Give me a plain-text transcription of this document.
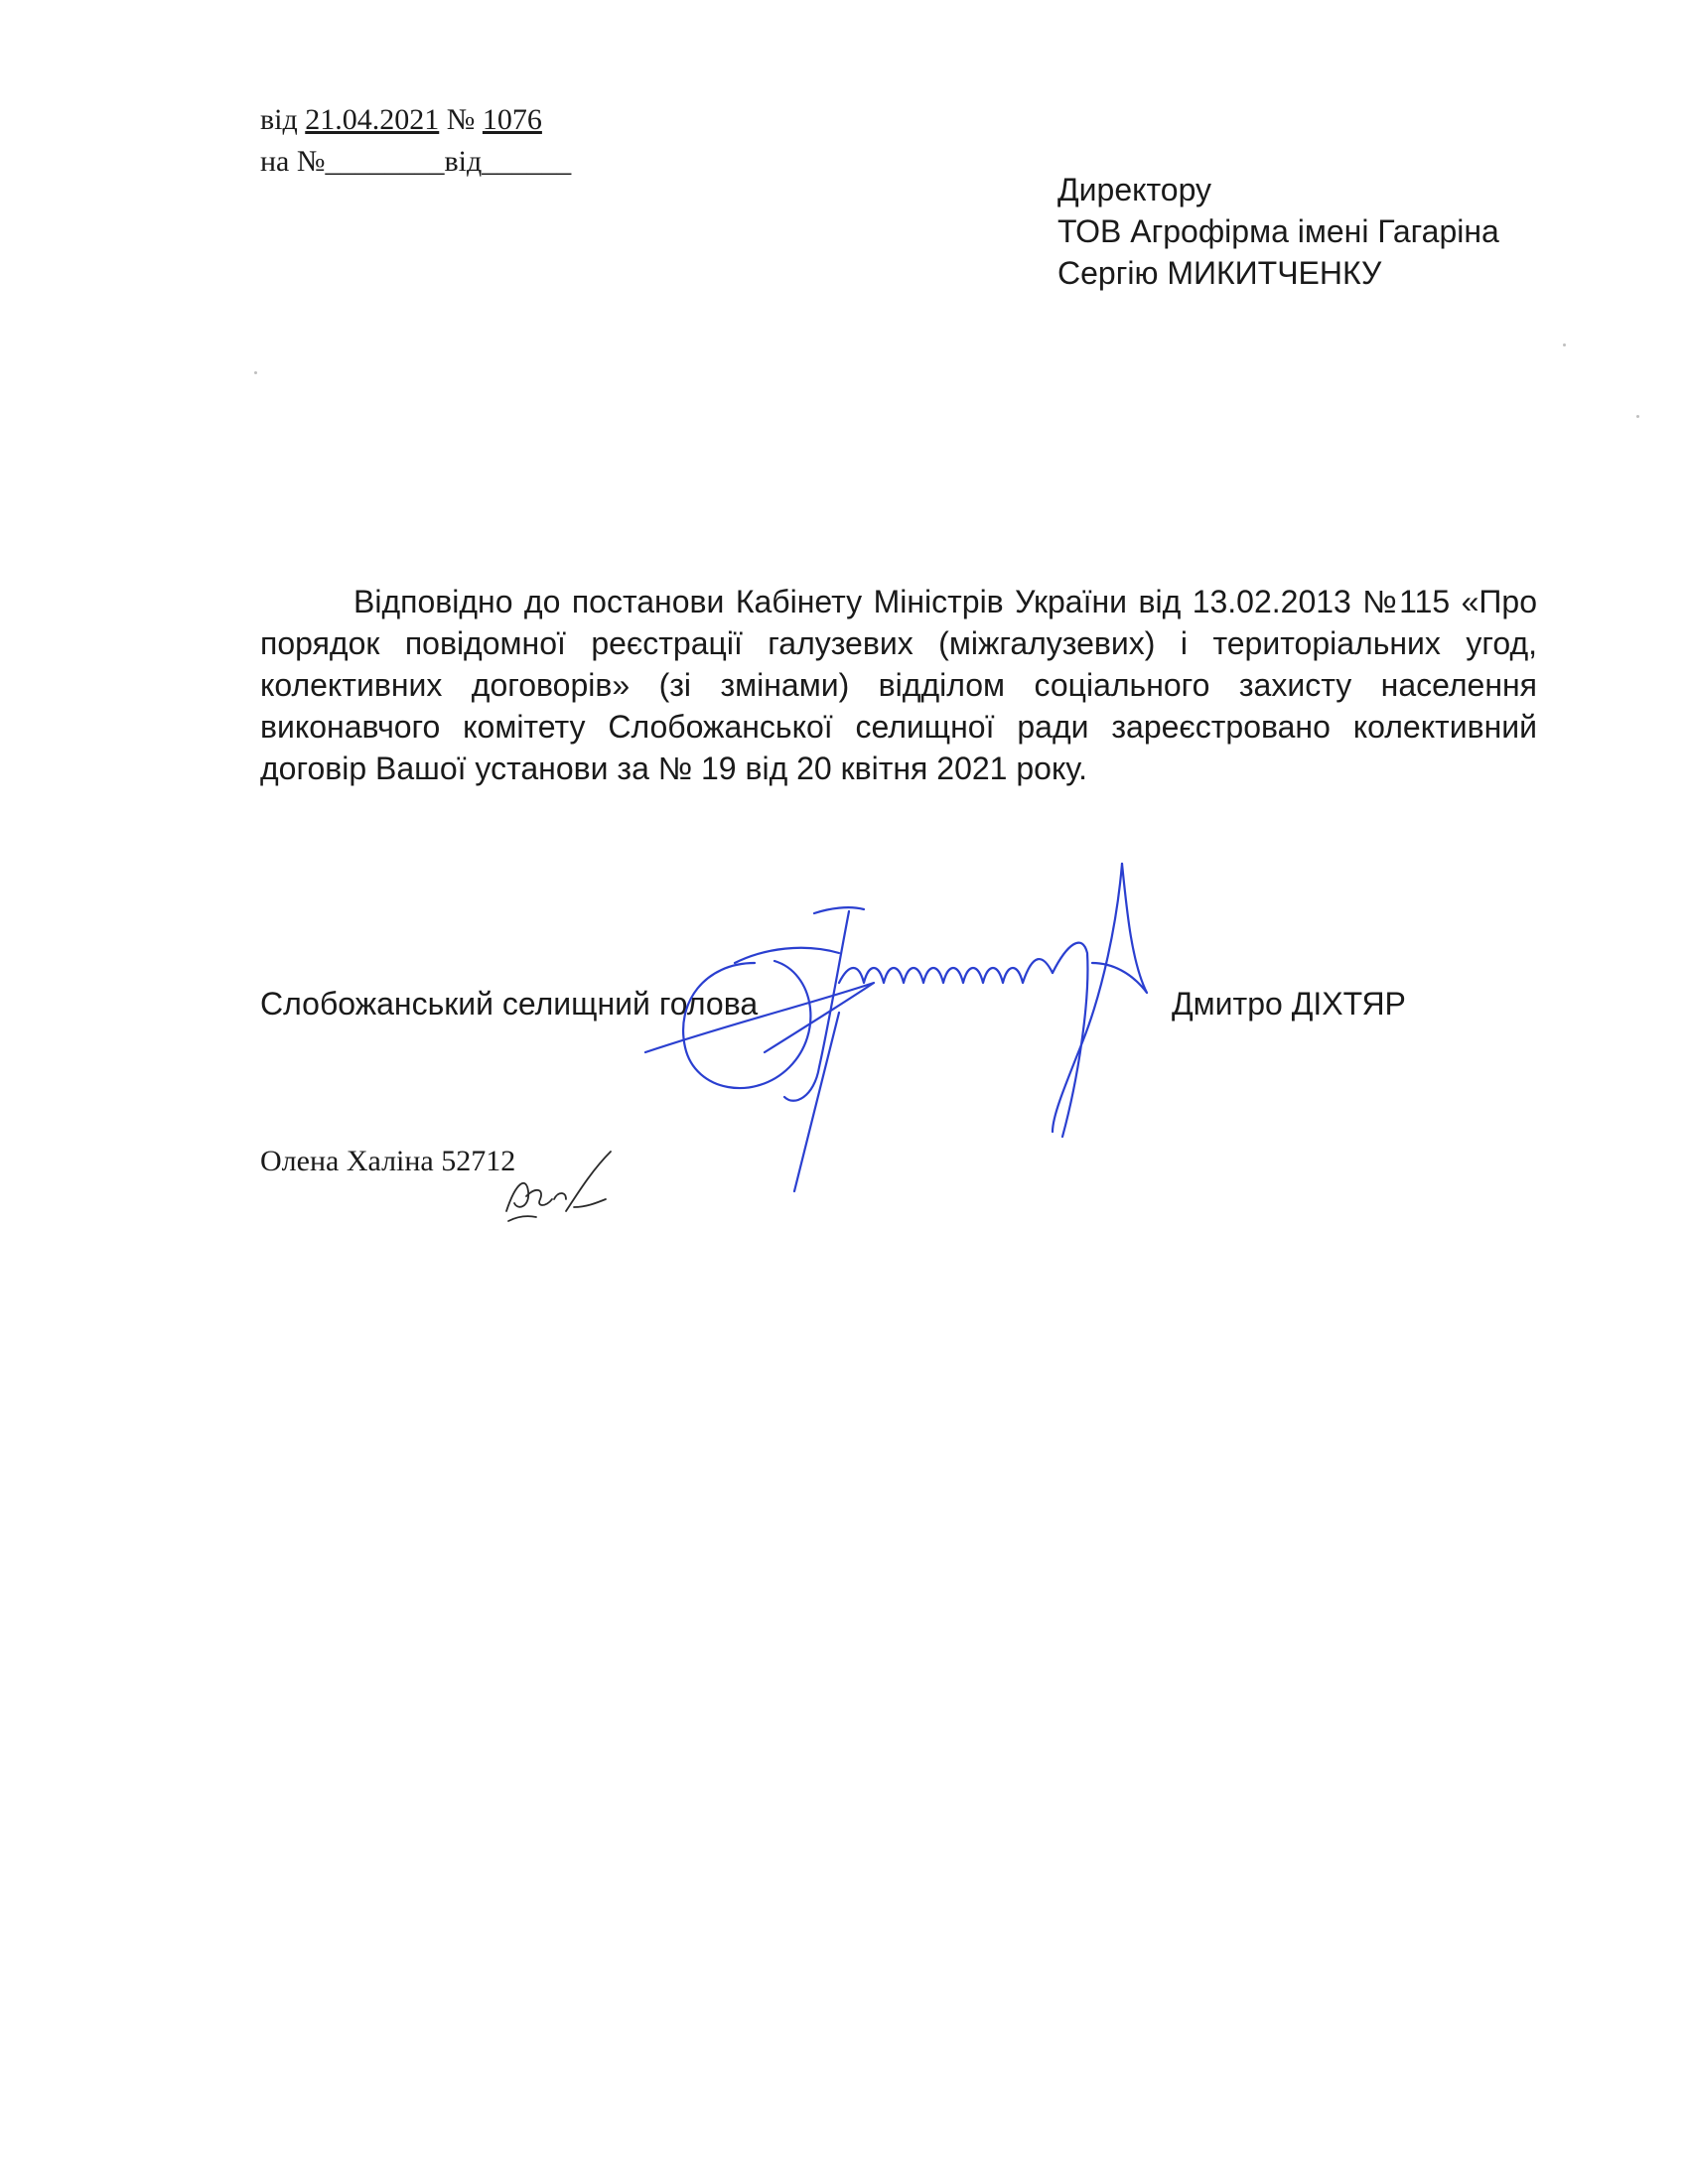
від 21.04.2021 № 1076
на №________від______
Директору
ТОВ Агрофірма імені Гагаріна
Сергію МИКИТЧЕНКУ
Відповідно до постанови Кабінету Міністрів України від 13.02.2013 №115 «Про порядок повідомної реєстрації галузевих (міжгалузевих) і територіальних угод, колективних договорів» (зі змінами) відділом соціального захисту населення виконавчого комітету Слобожанської селищної ради зареєстровано колективний договір Вашої установи за № 19 від 20 квітня 2021 року.
Слобожанський селищний голова	Дмитро ДІХТЯР
Олена Халіна 52712
